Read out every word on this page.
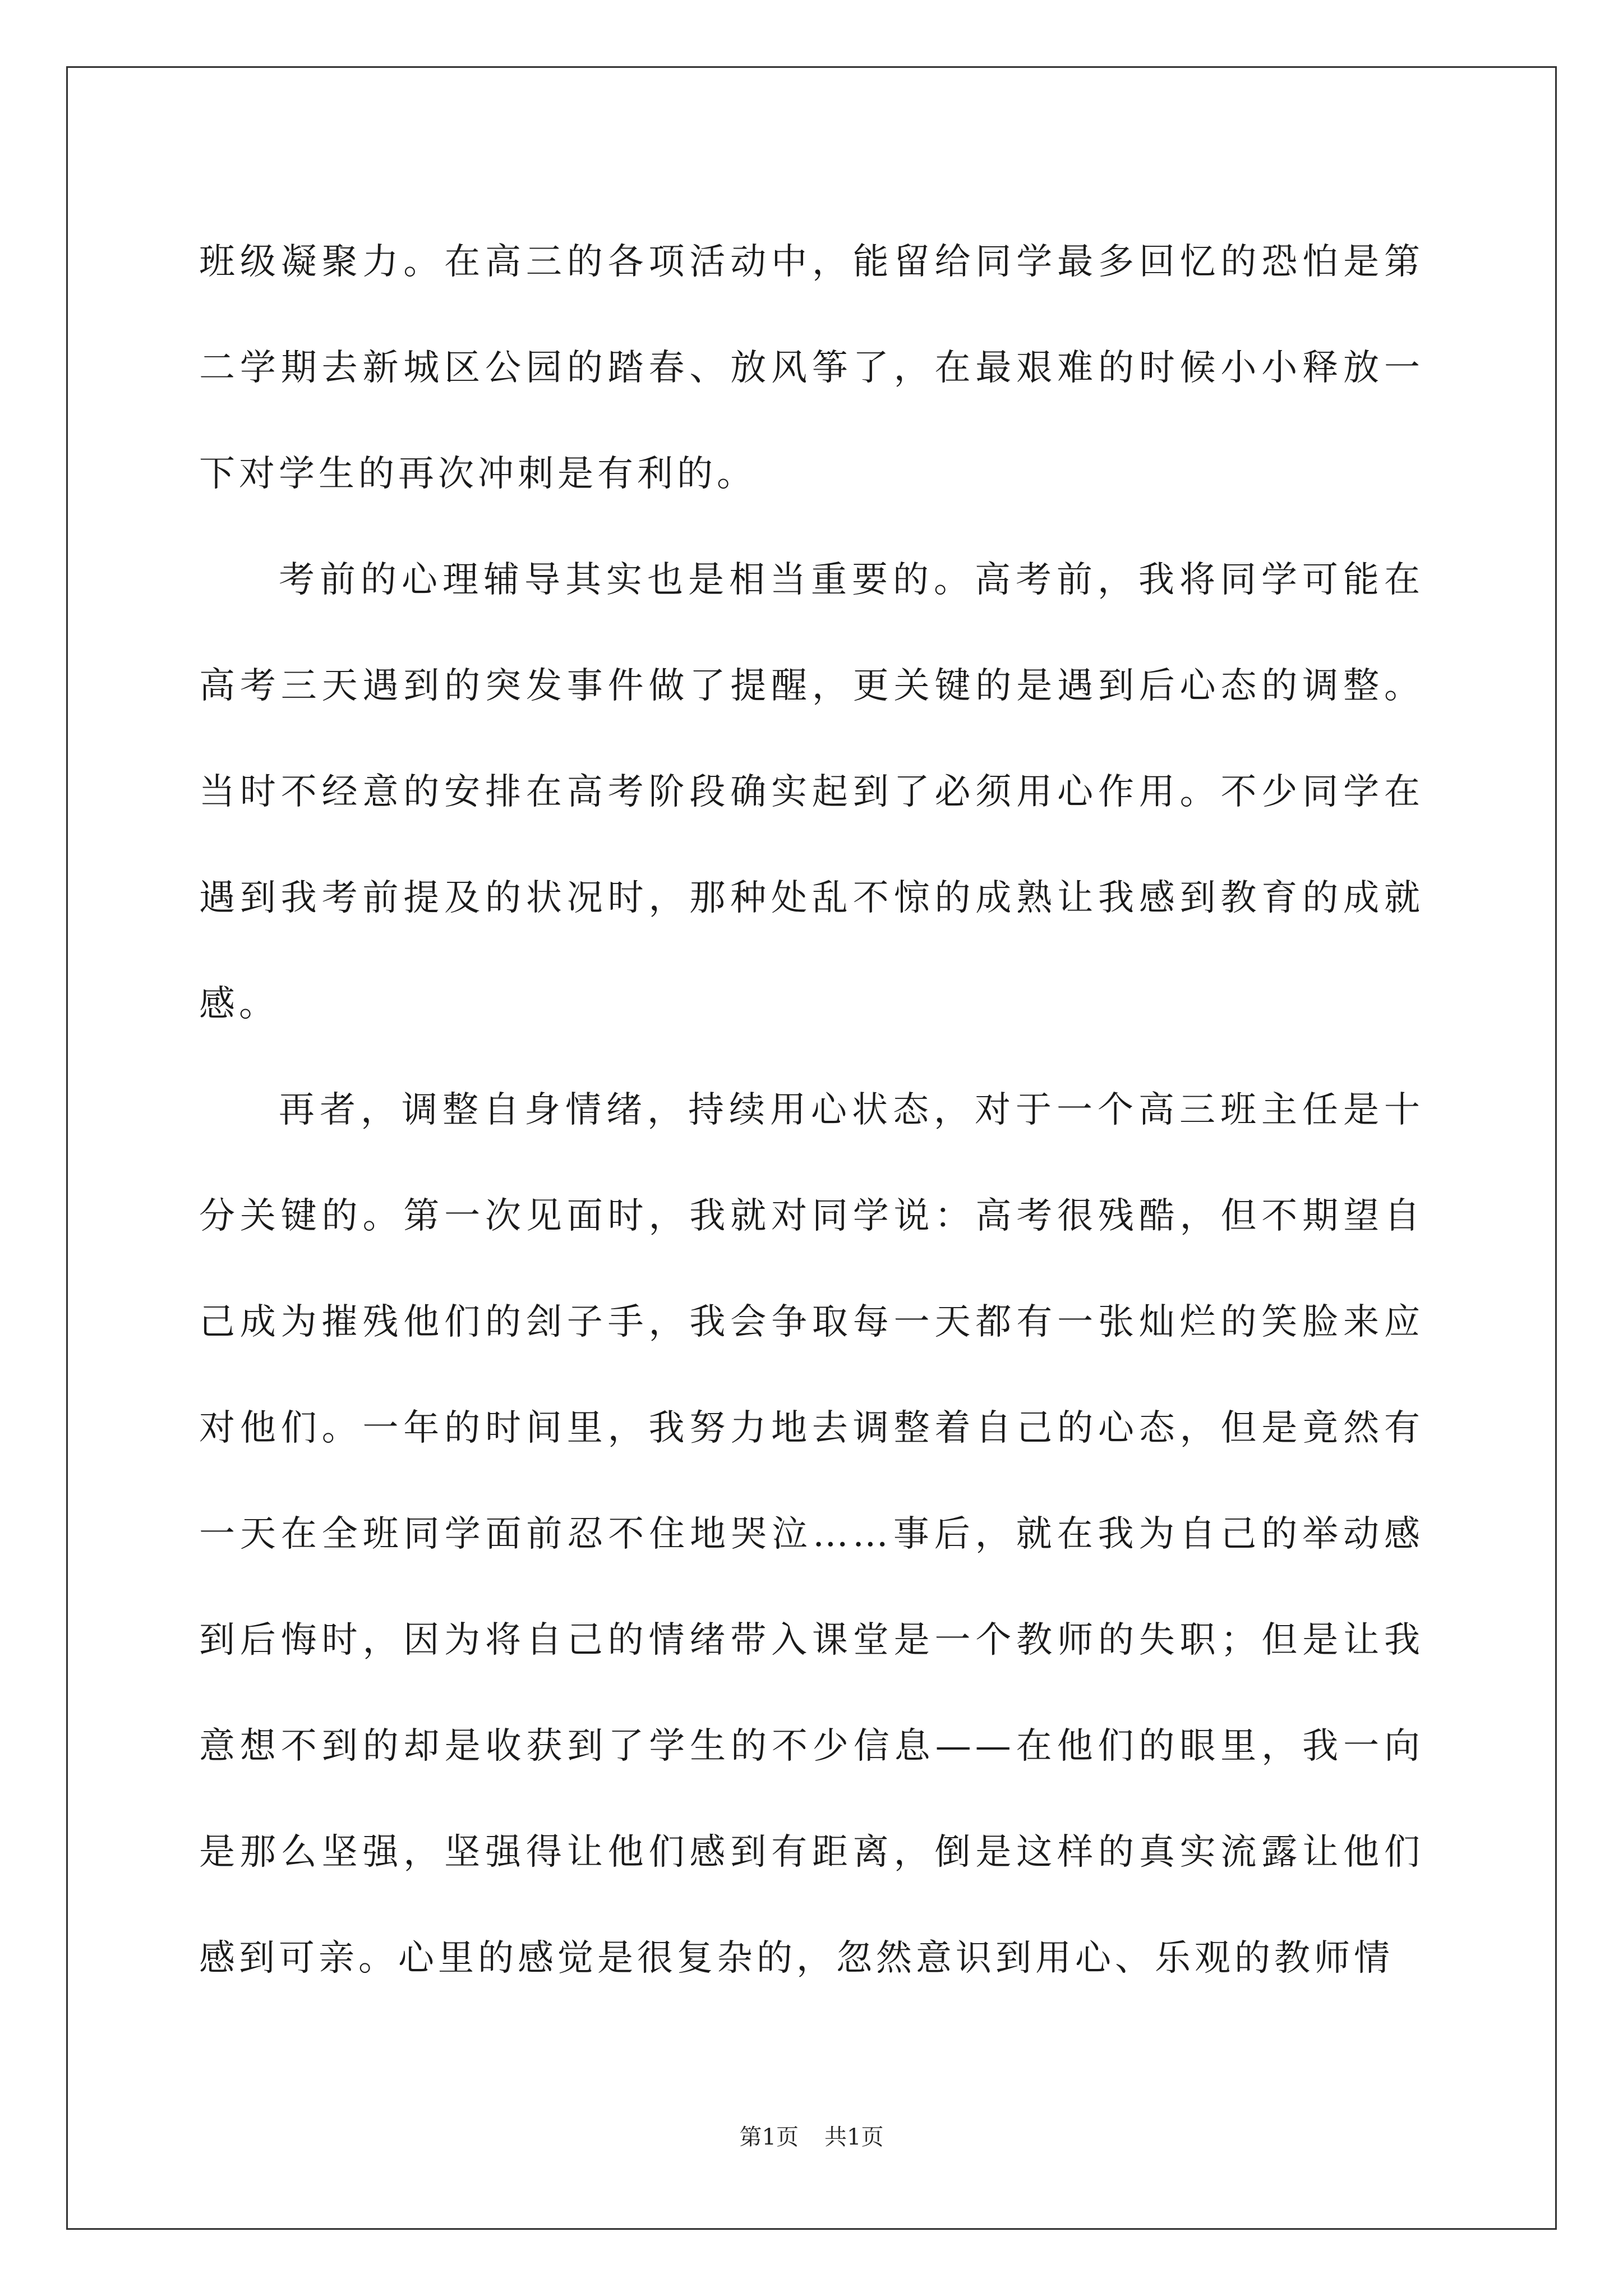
班级凝聚力。在高三的各项活动中，能留给同学最多回忆的恐怕是第二学期去新城区公园的踏春、放风筝了，在最艰难的时候小小释放一下对学生的再次冲刺是有利的。

考前的心理辅导其实也是相当重要的。高考前，我将同学可能在高考三天遇到的突发事件做了提醒，更关键的是遇到后心态的调整。当时不经意的安排在高考阶段确实起到了必须用心作用。不少同学在遇到我考前提及的状况时，那种处乱不惊的成熟让我感到教育的成就感。

再者，调整自身情绪，持续用心状态，对于一个高三班主任是十分关键的。第一次见面时，我就对同学说：高考很残酷，但不期望自己成为摧残他们的刽子手，我会争取每一天都有一张灿烂的笑脸来应对他们。一年的时间里，我努力地去调整着自己的心态，但是竟然有一天在全班同学面前忍不住地哭泣……事后，就在我为自己的举动感到后悔时，因为将自己的情绪带入课堂是一个教师的失职；但是让我意想不到的却是收获到了学生的不少信息——在他们的眼里，我一向是那么坚强，坚强得让他们感到有距离，倒是这样的真实流露让他们感到可亲。心里的感觉是很复杂的，忽然意识到用心、乐观的教师情

第1页 共1页
